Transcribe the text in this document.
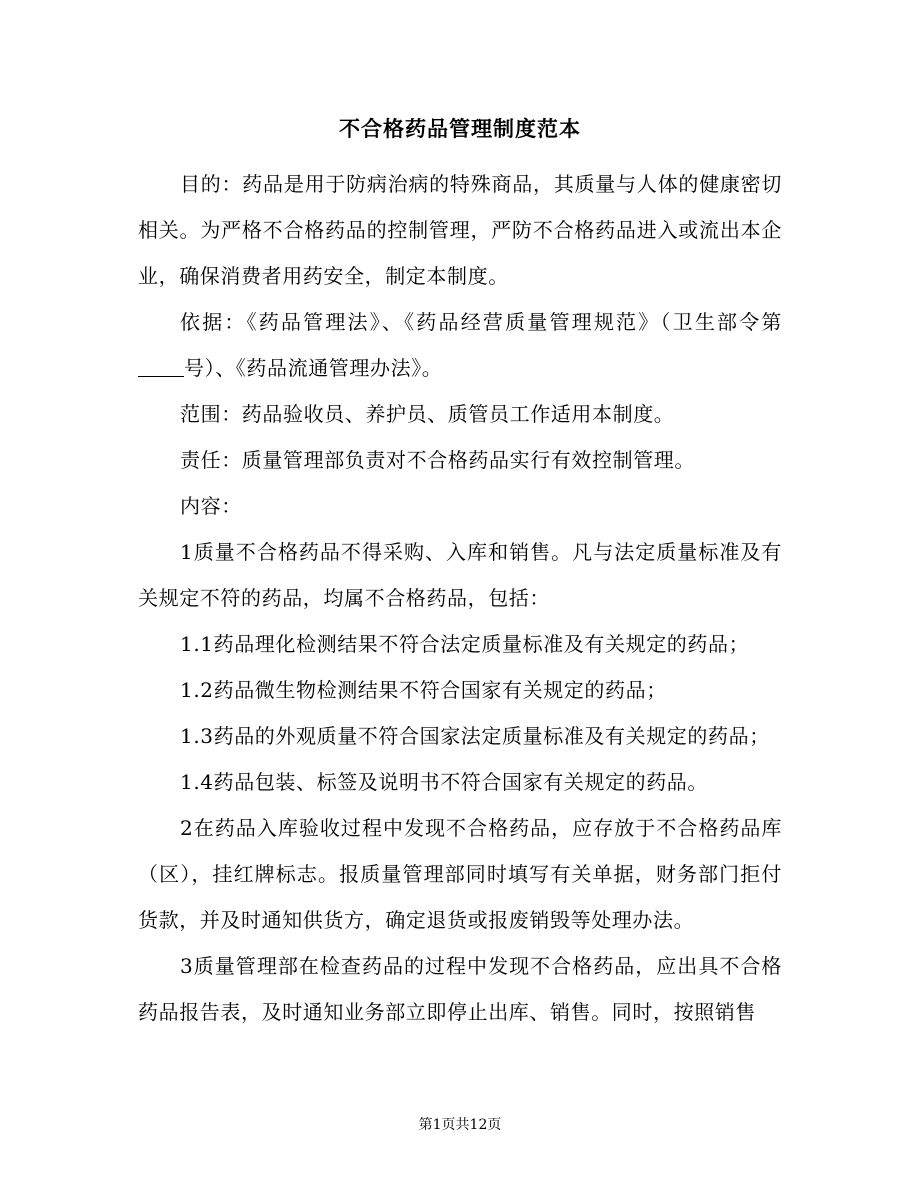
不合格药品管理制度范本

目的：药品是用于防病治病的特殊商品，其质量与人体的健康密切相关。为严格不合格药品的控制管理，严防不合格药品进入或流出本企业，确保消费者用药安全，制定本制度。

依据：《药品管理法》、《药品经营质量管理规范》（卫生部令第号）、《药品流通管理办法》。

范围：药品验收员、养护员、质管员工作适用本制度。

责任：质量管理部负责对不合格药品实行有效控制管理。

内容：

1质量不合格药品不得采购、入库和销售。凡与法定质量标准及有关规定不符的药品，均属不合格药品，包括：

1.1药品理化检测结果不符合法定质量标准及有关规定的药品；

1.2药品微生物检测结果不符合国家有关规定的药品；

1.3药品的外观质量不符合国家法定质量标准及有关规定的药品；

1.4药品包装、标签及说明书不符合国家有关规定的药品。

2在药品入库验收过程中发现不合格药品，应存放于不合格药品库（区），挂红牌标志。报质量管理部同时填写有关单据，财务部门拒付货款，并及时通知供货方，确定退货或报废销毁等处理办法。

3质量管理部在检查药品的过程中发现不合格药品，应出具不合格药品报告表，及时通知业务部立即停止出库、销售。同时，按照销售

第1页共12页
